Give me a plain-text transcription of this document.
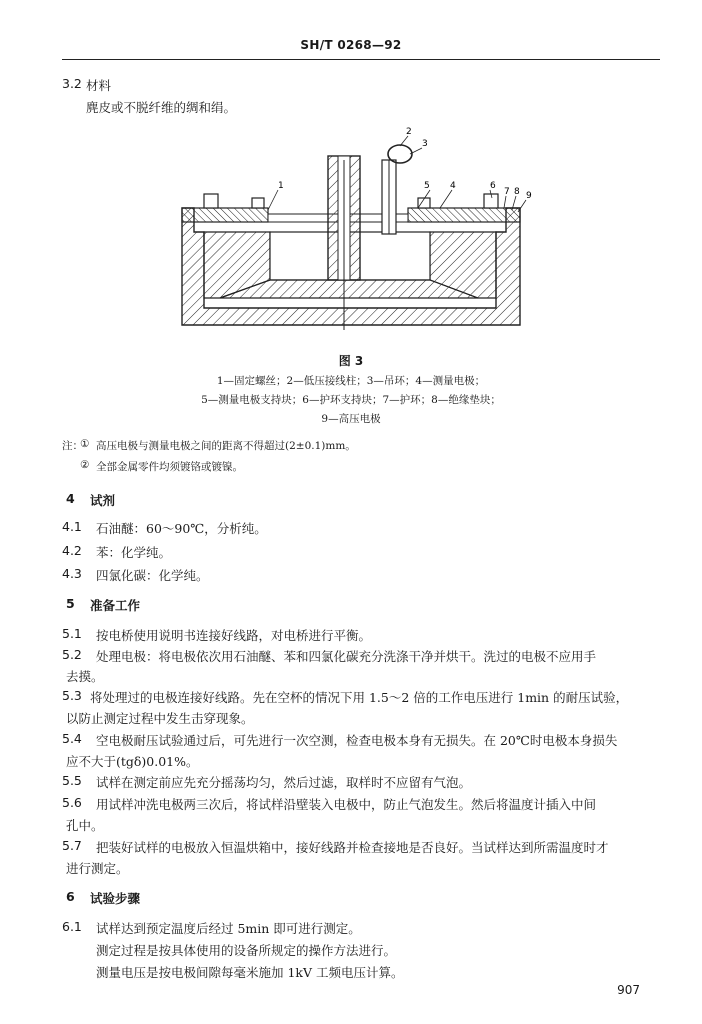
SH/T 0268—92
3.2 材料
麂皮或不脱纤维的绸和绢。
1
2
3
5 4	6
7 8 9
图 3
1—固定螺丝；2—低压接线柱；3—吊环；4—测量电极；
5—测量电极支持块；6—护环支持块；7—护环；8—绝缘垫块；
9—高压电极
注：
① 高压电极与测量电极之间的距离不得超过(2±0.1)mm。
② 全部金属零件均须镀铬或镀镍。
4 试剂
4.1 石油醚：60～90℃，分析纯。
4.2 苯：化学纯。
4.3 四氯化碳：化学纯。
5 准备工作
5.1 按电桥使用说明书连接好线路，对电桥进行平衡。
5.2 处理电极：将电极依次用石油醚、苯和四氯化碳充分洗涤干净并烘干。洗过的电极不应用手
去摸。
5.3 将处理过的电极连接好线路。先在空杯的情况下用 1.5～2 倍的工作电压进行 1min 的耐压试验，
以防止测定过程中发生击穿现象。
5.4 空电极耐压试验通过后，可先进行一次空测，检查电极本身有无损失。在 20℃时电极本身损失
应不大于(tgδ)0.01%。
5.5 试样在测定前应先充分摇荡均匀，然后过滤，取样时不应留有气泡。
5.6 用试样冲洗电极两三次后，将试样沿壁装入电极中，防止气泡发生。然后将温度计插入中间
孔中。
5.7 把装好试样的电极放入恒温烘箱中，接好线路并检查接地是否良好。当试样达到所需温度时才
进行测定。
6 试验步骤
6.1 试样达到预定温度后经过 5min 即可进行测定。
测定过程是按具体使用的设备所规定的操作方法进行。
测量电压是按电极间隙每毫米施加 1kV 工频电压计算。
907
